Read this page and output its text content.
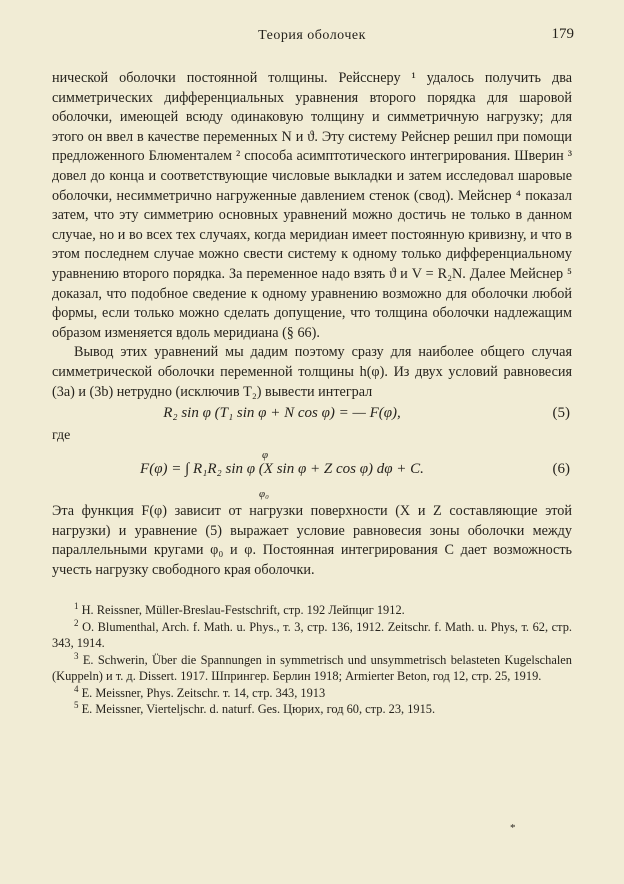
Теория оболочек	179

нической оболочки постоянной толщины. Рейсснеру ¹ удалось получить два симметрических дифференциальных уравнения второго порядка для шаровой оболочки, имеющей всюду одинаковую толщину и симметричную нагрузку; для этого он ввел в качестве переменных N и ϑ. Эту систему Рейснер решил при помощи предложенного Блюменталем ² способа асимптотического интегрирования. Шверин ³ довел до конца и соответствующие числовые выкладки и затем исследовал шаровые оболочки, несимметрично нагруженные давлением стенок (свод). Мейснер ⁴ показал затем, что эту симметрию основных уравнений можно достичь не только в данном случае, но и во всех тех случаях, когда меридиан имеет постоянную кривизну, и что в этом последнем случае можно свести систему к одному только дифференциальному уравнению второго порядка. За переменное надо взять ϑ и V = R₂N. Далее Мейснер ⁵ доказал, что подобное сведение к одному уравнению возможно для оболочки любой формы, если только можно сделать допущение, что толщина оболочки надлежащим образом изменяется вдоль меридиана (§ 66).

Вывод этих уравнений мы дадим поэтому сразу для наиболее общего случая симметрической оболочки переменной толщины h(φ). Из двух условий равновесия (3a) и (3b) нетрудно (исключив T₂) вывести интеграл

R₂ sin φ (T₁ sin φ + N cos φ) = — F(φ),	(5)
где
φ
F(φ) = ∫ R₁R₂ sin φ (X sin φ + Z cos φ) dφ + C.
φ₀
(6)

Эта функция F(φ) зависит от нагрузки поверхности (X и Z составляющие этой нагрузки) и уравнение (5) выражает условие равновесия зоны оболочки между параллельными кругами φ₀ и φ. Постоянная интегрирования C дает возможность учесть нагрузку свободного края оболочки.

$^1$ H. Reissner, Müller-Breslau-Festschrift, стр. 192 Лейпциг 1912.

$^2$ O. Blumenthal, Arch. f. Math. u. Phys., т. 3, стр. 136, 1912. Zeitschr. f. Math. u. Phys, т. 62, стр. 343, 1914.

$^3$ E. Schwerin, Über die Spannungen in symmetrisch und unsymmetrisch belasteten Kugelschalen (Kuppeln) и т. д. Dissert. 1917. Шпрингер. Берлин 1918; Armierter Beton, год 12, стр. 25, 1919.

$^4$ E. Meissner, Phys. Zeitschr. т. 14, стр. 343, 1913

$^5$ E. Meissner, Vierteljschr. d. naturf. Ges. Цюрих, год 60, стр. 23, 1915.

*
